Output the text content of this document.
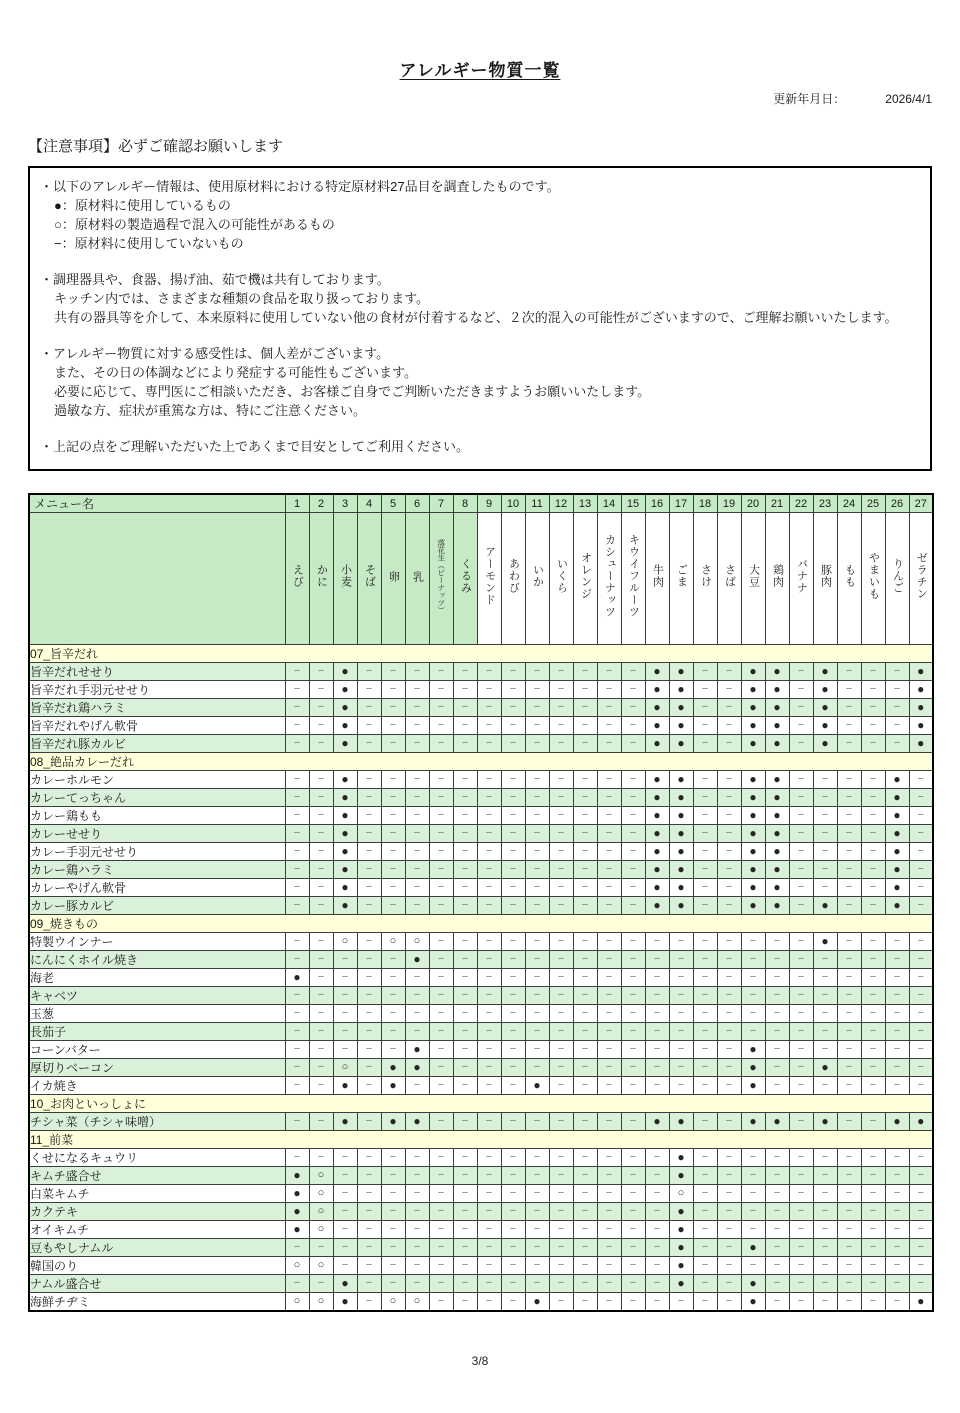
アレルギー物質一覧
更新年月日：	2026/4/1
【注意事項】必ずご確認お願いします
・以下のアレルギー情報は、使用原材料における特定原材料27品目を調査したものです。
●：原材料に使用しているもの
○：原材料の製造過程で混入の可能性があるもの
−：原材料に使用していないもの
・調理器具や、食器、揚げ油、茹で機は共有しております。
キッチン内では、さまざまな種類の食品を取り扱っております。
共有の器具等を介して、本来原料に使用していない他の食材が付着するなど、２次的混入の可能性がございますので、ご理解お願いいたします。
・アレルギー物質に対する感受性は、個人差がございます。
また、その日の体調などにより発症する可能性もございます。
必要に応じて、専門医にご相談いただき、お客様ご自身でご判断いただきますようお願いいたします。
過敏な方、症状が重篤な方は、特にご注意ください。
・上記の点をご理解いただいた上であくまで目安としてご利用ください。
メニュー名	1	2	3	4	5	6	7	8	9	10	11	12	13	14	15	16	17	18	19	20	21	22	23	24	25	26	27
	えび	かに	小麦	そば	卵	乳	落花生（ピーナッツ）	くるみ	アーモンド	あわび	いか	いくら	オレンジ	カシューナッツ	キウイフルーツ	牛肉	ごま	さけ	さば	大豆	鶏肉	バナナ	豚肉	もも	やまいも	りんご	ゼラチン
07_旨辛だれ																											
旨辛だれせせり	−	−	●	−	−	−	−	−	−	−	−	−	−	−	−	●	●	−	−	●	●	−	●	−	−	−	●
旨辛だれ手羽元せせり	−	−	●	−	−	−	−	−	−	−	−	−	−	−	−	●	●	−	−	●	●	−	●	−	−	−	●
旨辛だれ鶏ハラミ	−	−	●	−	−	−	−	−	−	−	−	−	−	−	−	●	●	−	−	●	●	−	●	−	−	−	●
旨辛だれやげん軟骨	−	−	●	−	−	−	−	−	−	−	−	−	−	−	−	●	●	−	−	●	●	−	●	−	−	−	●
旨辛だれ豚カルビ	−	−	●	−	−	−	−	−	−	−	−	−	−	−	−	●	●	−	−	●	●	−	●	−	−	−	●
08_絶品カレーだれ																											
カレーホルモン	−	−	●	−	−	−	−	−	−	−	−	−	−	−	−	●	●	−	−	●	●	−	−	−	−	●	−
カレーてっちゃん	−	−	●	−	−	−	−	−	−	−	−	−	−	−	−	●	●	−	−	●	●	−	−	−	−	●	−
カレー鶏もも	−	−	●	−	−	−	−	−	−	−	−	−	−	−	−	●	●	−	−	●	●	−	−	−	−	●	−
カレーせせり	−	−	●	−	−	−	−	−	−	−	−	−	−	−	−	●	●	−	−	●	●	−	−	−	−	●	−
カレー手羽元せせり	−	−	●	−	−	−	−	−	−	−	−	−	−	−	−	●	●	−	−	●	●	−	−	−	−	●	−
カレー鶏ハラミ	−	−	●	−	−	−	−	−	−	−	−	−	−	−	−	●	●	−	−	●	●	−	−	−	−	●	−
カレーやげん軟骨	−	−	●	−	−	−	−	−	−	−	−	−	−	−	−	●	●	−	−	●	●	−	−	−	−	●	−
カレー豚カルビ	−	−	●	−	−	−	−	−	−	−	−	−	−	−	−	●	●	−	−	●	●	−	●	−	−	●	−
09_焼きもの																											
特製ウインナー	−	−	○	−	○	○	−	−	−	−	−	−	−	−	−	−	−	−	−	−	−	−	●	−	−	−	−
にんにくホイル焼き	−	−	−	−	−	●	−	−	−	−	−	−	−	−	−	−	−	−	−	−	−	−	−	−	−	−	−
海老	●	−	−	−	−	−	−	−	−	−	−	−	−	−	−	−	−	−	−	−	−	−	−	−	−	−	−
キャベツ	−	−	−	−	−	−	−	−	−	−	−	−	−	−	−	−	−	−	−	−	−	−	−	−	−	−	−
玉葱	−	−	−	−	−	−	−	−	−	−	−	−	−	−	−	−	−	−	−	−	−	−	−	−	−	−	−
長茄子	−	−	−	−	−	−	−	−	−	−	−	−	−	−	−	−	−	−	−	−	−	−	−	−	−	−	−
コーンバター	−	−	−	−	−	●	−	−	−	−	−	−	−	−	−	−	−	−	−	●	−	−	−	−	−	−	−
厚切りベーコン	−	−	○	−	●	●	−	−	−	−	−	−	−	−	−	−	−	−	−	●	−	−	●	−	−	−	−
イカ焼き	−	−	●	−	●	−	−	−	−	−	●	−	−	−	−	−	−	−	−	●	−	−	−	−	−	−	−
10_お肉といっしょに																											
チシャ菜（チシャ味噌）	−	−	●	−	●	●	−	−	−	−	−	−	−	−	−	●	●	−	−	●	●	−	●	−	−	●	●
11_前菜																											
くせになるキュウリ	−	−	−	−	−	−	−	−	−	−	−	−	−	−	−	−	●	−	−	−	−	−	−	−	−	−	−
キムチ盛合せ	●	○	−	−	−	−	−	−	−	−	−	−	−	−	−	−	●	−	−	−	−	−	−	−	−	−	−
白菜キムチ	●	○	−	−	−	−	−	−	−	−	−	−	−	−	−	−	○	−	−	−	−	−	−	−	−	−	−
カクテキ	●	○	−	−	−	−	−	−	−	−	−	−	−	−	−	−	●	−	−	−	−	−	−	−	−	−	−
オイキムチ	●	○	−	−	−	−	−	−	−	−	−	−	−	−	−	−	●	−	−	−	−	−	−	−	−	−	−
豆もやしナムル	−	−	−	−	−	−	−	−	−	−	−	−	−	−	−	−	●	−	−	●	−	−	−	−	−	−	−
韓国のり	○	○	−	−	−	−	−	−	−	−	−	−	−	−	−	−	●	−	−	−	−	−	−	−	−	−	−
ナムル盛合せ	−	−	●	−	−	−	−	−	−	−	−	−	−	−	−	−	●	−	−	●	−	−	−	−	−	−	−
海鮮チヂミ	○	○	●	−	○	○	−	−	−	−	●	−	−	−	−	−	−	−	−	●	−	−	−	−	−	−	●
3/8
